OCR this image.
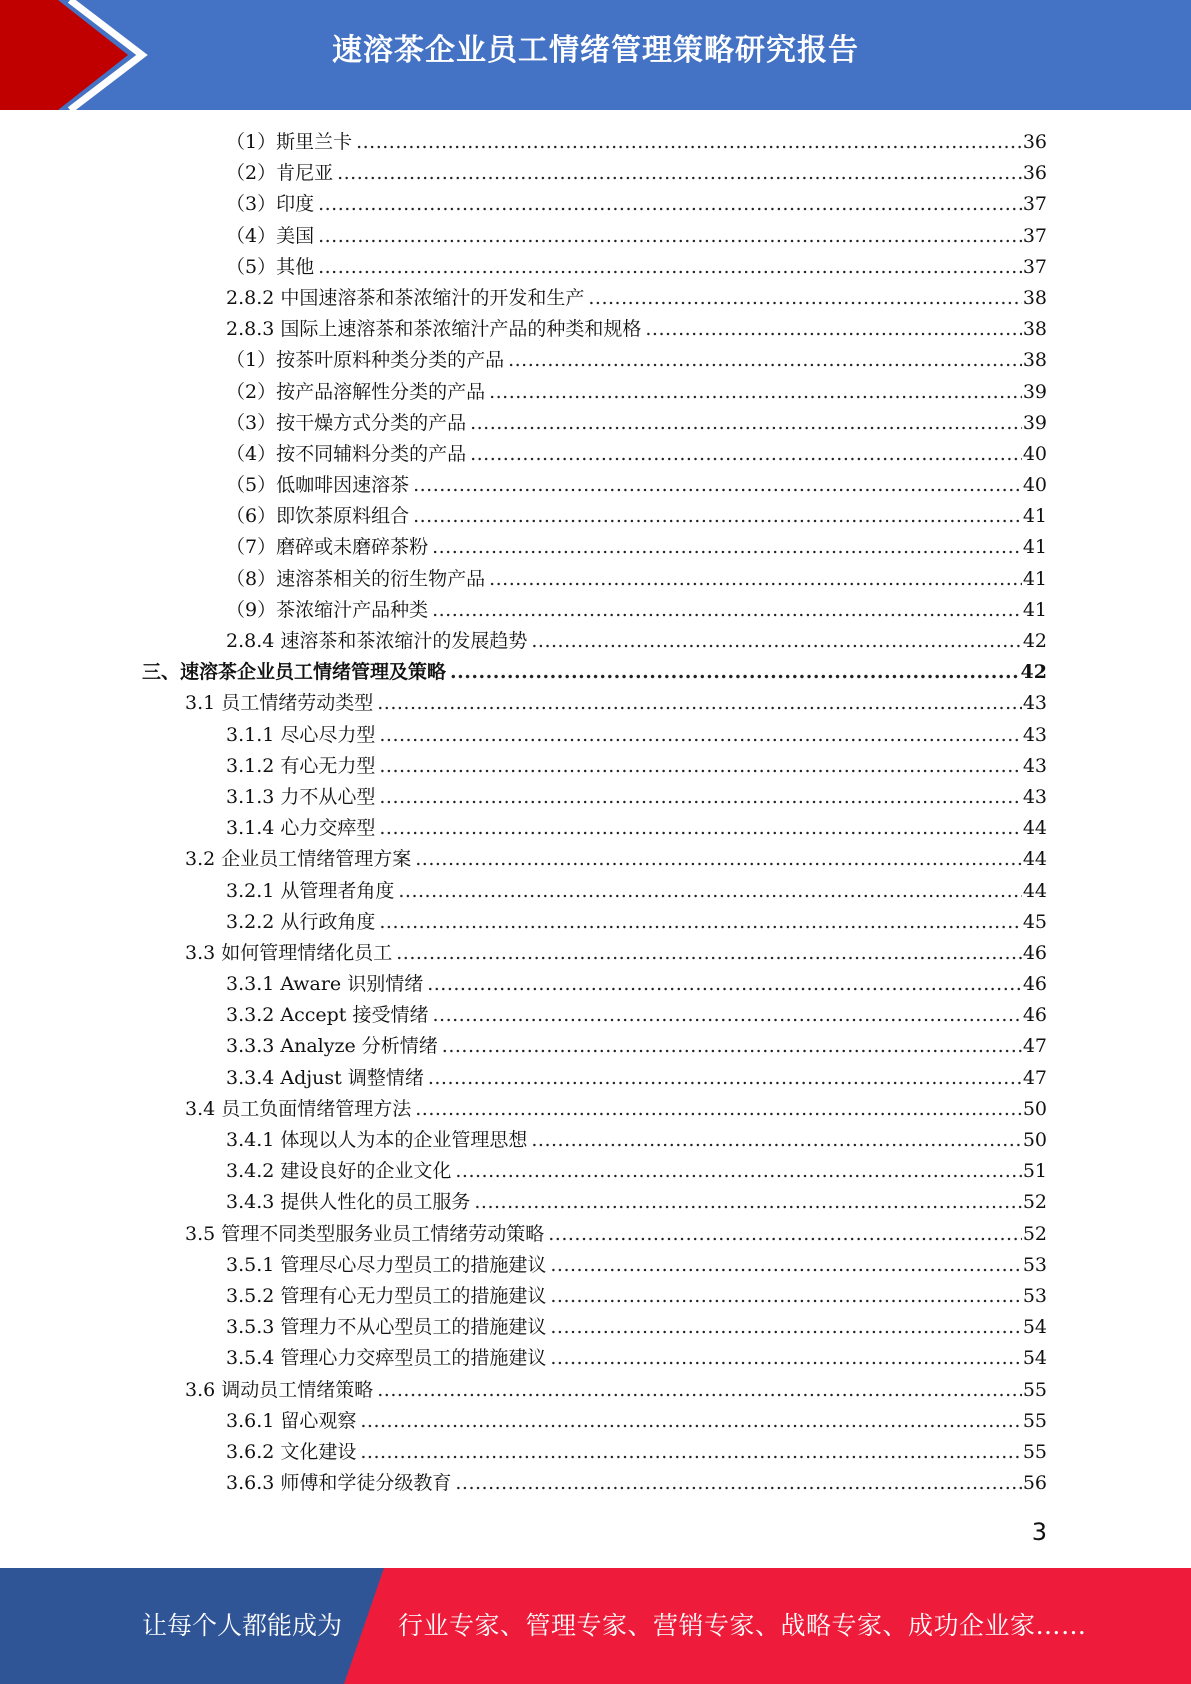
速溶茶企业员工情绪管理策略研究报告
（1）斯里兰卡 .....	36
（2）肯尼亚 .....	36
（3）印度 .....	37
（4）美国 .....	37
（5）其他 .....	37
2.8.2 中国速溶茶和茶浓缩汁的开发和生产 .....	38
2.8.3 国际上速溶茶和茶浓缩汁产品的种类和规格 .....	38
（1）按茶叶原料种类分类的产品 .....	38
（2）按产品溶解性分类的产品 .....	39
（3）按干燥方式分类的产品 .....	39
（4）按不同辅料分类的产品 .....	40
（5）低咖啡因速溶茶 .....	40
（6）即饮茶原料组合 .....	41
（7）磨碎或未磨碎茶粉 .....	41
（8）速溶茶相关的衍生物产品 .....	41
（9）茶浓缩汁产品种类 .....	41
2.8.4 速溶茶和茶浓缩汁的发展趋势 .....	42
三、速溶茶企业员工情绪管理及策略 .....	42
3.1 员工情绪劳动类型 .....	43
3.1.1 尽心尽力型 .....	43
3.1.2 有心无力型 .....	43
3.1.3 力不从心型 .....	43
3.1.4 心力交瘁型 .....	44
3.2 企业员工情绪管理方案 .....	44
3.2.1 从管理者角度 .....	44
3.2.2 从行政角度 .....	45
3.3 如何管理情绪化员工 .....	46
3.3.1 Aware 识别情绪 .....	46
3.3.2 Accept 接受情绪 .....	46
3.3.3 Analyze 分析情绪 .....	47
3.3.4 Adjust 调整情绪 .....	47
3.4 员工负面情绪管理方法 .....	50
3.4.1 体现以人为本的企业管理思想 .....	50
3.4.2 建设良好的企业文化 .....	51
3.4.3 提供人性化的员工服务 .....	52
3.5 管理不同类型服务业员工情绪劳动策略 .....	52
3.5.1 管理尽心尽力型员工的措施建议 .....	53
3.5.2 管理有心无力型员工的措施建议 .....	53
3.5.3 管理力不从心型员工的措施建议 .....	54
3.5.4 管理心力交瘁型员工的措施建议 .....	54
3.6 调动员工情绪策略 .....	55
3.6.1 留心观察 .....	55
3.6.2 文化建设 .....	55
3.6.3 师傅和学徒分级教育 .....	56
3
让每个人都能成为 行业专家、管理专家、营销专家、战略专家、成功企业家……
